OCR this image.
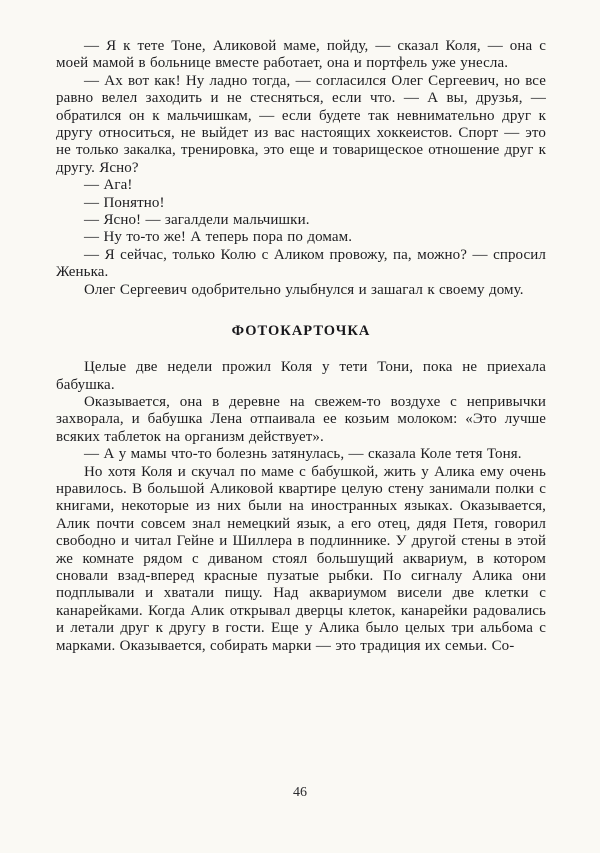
— Я к тете Тоне, Аликовой маме, пойду, — сказал Коля, — она с моей мамой в больнице вместе работает, она и портфель уже унесла.

— Ах вот как! Ну ладно тогда, — согласился Олег Сергеевич, но все равно велел заходить и не стесняться, если что. — А вы, друзья, — обратился он к мальчишкам, — если будете так невнимательно друг к другу относиться, не выйдет из вас настоящих хоккеистов. Спорт — это не только закалка, тренировка, это еще и товарищеское отношение друг к другу. Ясно?

— Ага!

— Понятно!

— Ясно! — загалдели мальчишки.

— Ну то-то же! А теперь пора по домам.

— Я сейчас, только Колю с Аликом провожу, па, можно? — спросил Женька.

Олег Сергеевич одобрительно улыбнулся и зашагал к своему дому.

ФОТОКАРТОЧКА

Целые две недели прожил Коля у тети Тони, пока не приехала бабушка.

Оказывается, она в деревне на свежем-то воздухе с непривычки захворала, и бабушка Лена отпаивала ее козьим молоком: «Это лучше всяких таблеток на организм действует».

— А у мамы что-то болезнь затянулась, — сказала Коле тетя Тоня.

Но хотя Коля и скучал по маме с бабушкой, жить у Алика ему очень нравилось. В большой Аликовой квартире целую стену занимали полки с книгами, некоторые из них были на иностранных языках. Оказывается, Алик почти совсем знал немецкий язык, а его отец, дядя Петя, говорил свободно и читал Гейне и Шиллера в подлиннике. У другой стены в этой же комнате рядом с диваном стоял большущий аквариум, в котором сновали взад-вперед красные пузатые рыбки. По сигналу Алика они подплывали и хватали пищу. Над аквариумом висели две клетки с канарейками. Когда Алик открывал дверцы клеток, канарейки радовались и летали друг к другу в гости. Еще у Алика было целых три альбома с марками. Оказывается, собирать марки — это традиция их семьи. Со-

46
